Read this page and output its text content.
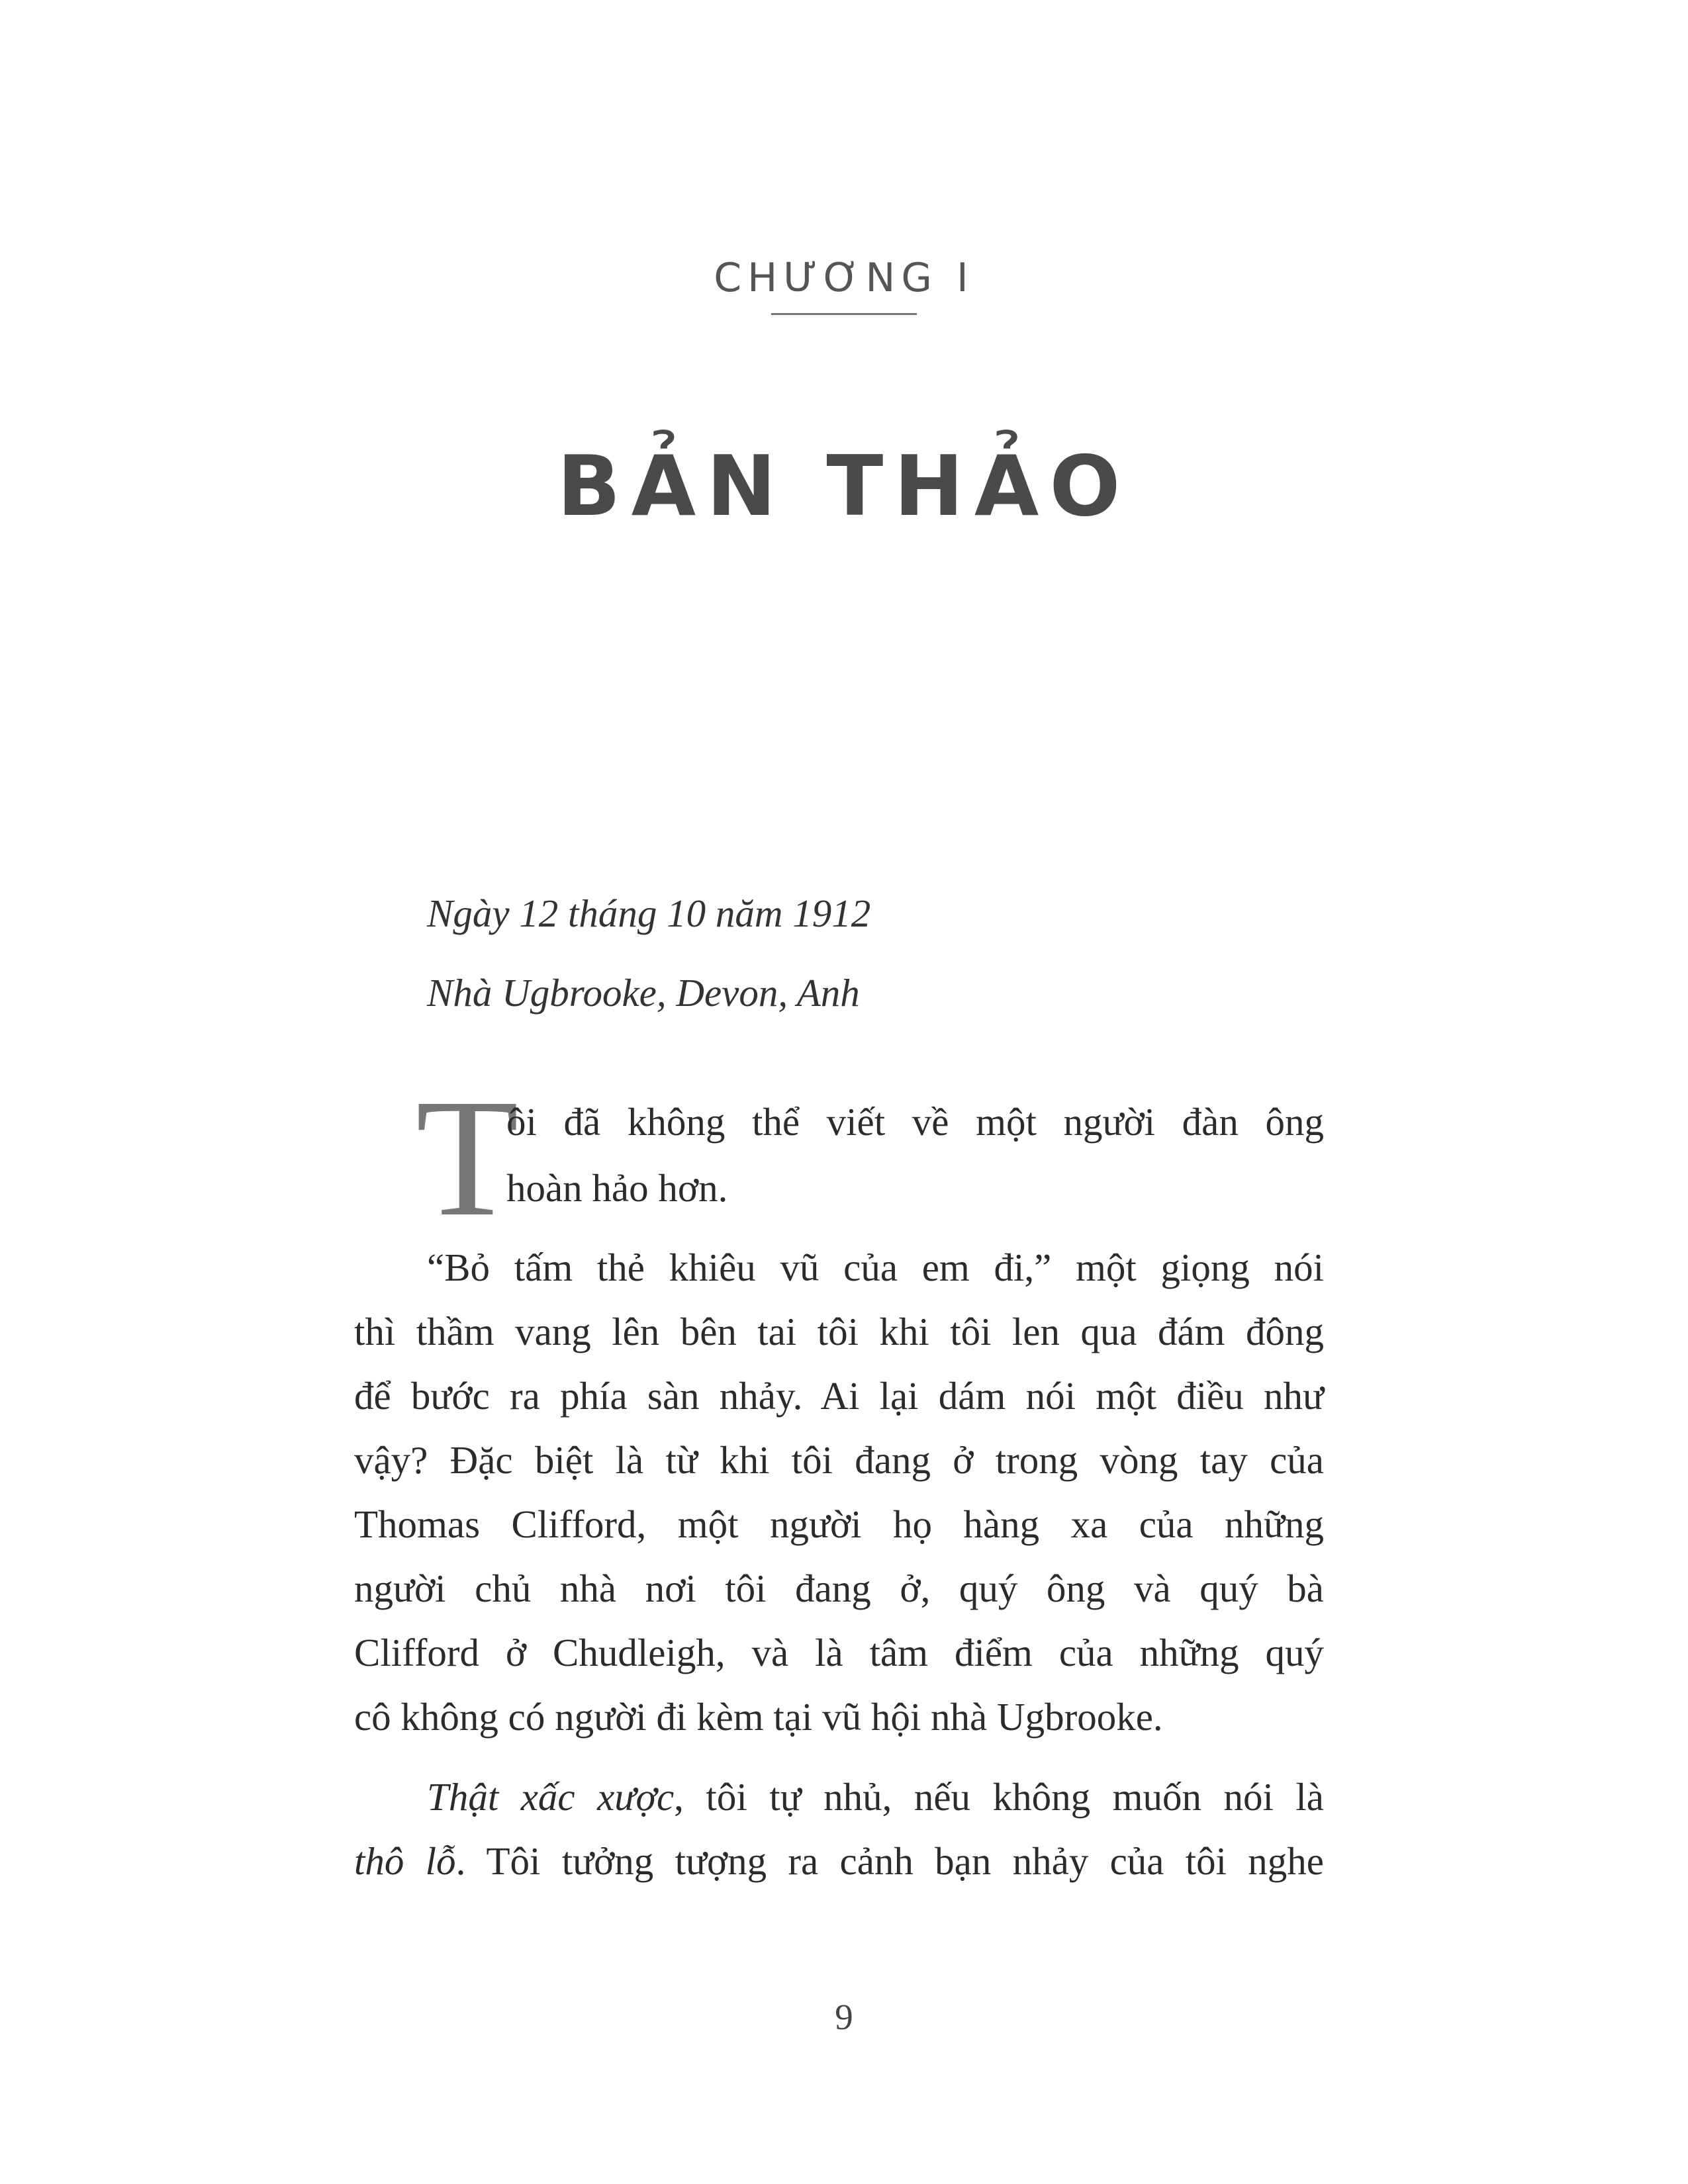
CHƯƠNG I

BẢN THẢO

Ngày 12 tháng 10 năm 1912

Nhà Ugbrooke, Devon, Anh

T

ôi đã không thể viết về một người đàn ông

hoàn hảo hơn.

“Bỏ tấm thẻ khiêu vũ của em đi,” một giọng nói

thì thầm vang lên bên tai tôi khi tôi len qua đám đông

để bước ra phía sàn nhảy. Ai lại dám nói một điều như

vậy? Đặc biệt là từ khi tôi đang ở trong vòng tay của

Thomas Clifford, một người họ hàng xa của những

người chủ nhà nơi tôi đang ở, quý ông và quý bà

Clifford ở Chudleigh, và là tâm điểm của những quý

cô không có người đi kèm tại vũ hội nhà Ugbrooke.

Thật xấc xược, tôi tự nhủ, nếu không muốn nói là

thô lỗ. Tôi tưởng tượng ra cảnh bạn nhảy của tôi nghe

9
